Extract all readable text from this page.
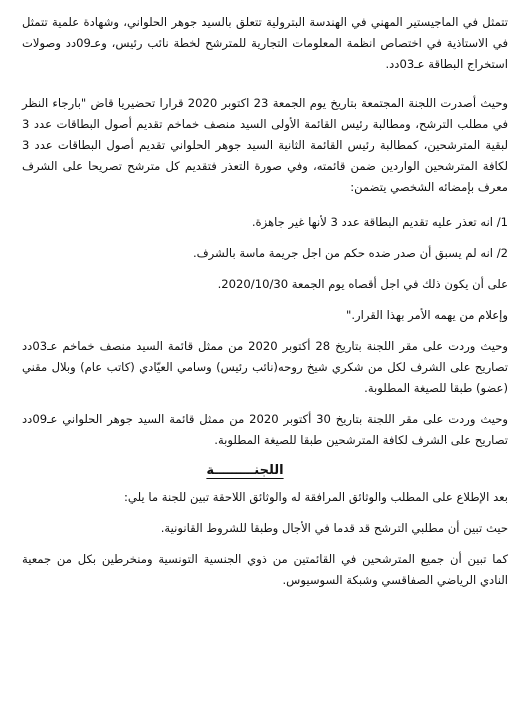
تتمثل في الماجيستير المهني في الهندسة البترولية تتعلق بالسيد جوهر الحلواني، وشهادة علمية تتمثل في الاستاذية في اختصاص انظمة المعلومات التجارية للمترشح لخطة نائب رئيس، وعـ09دد وصولات استخراج البطاقة عـ03دد.

وحيث أصدرت اللجنة المجتمعة بتاريخ يوم الجمعة 23 اكتوبر 2020 قرارا تحضيريا قاض "بارجاء النظر في مطلب الترشح، ومطالبة رئيس القائمة الأولى السيد منصف خماخم تقديم أصول البطاقات عدد 3 لبقية المترشحين، كمطالبة رئيس القائمة الثانية السيد جوهر الحلواني تقديم أصول البطاقات عدد 3 لكافة المترشحين الواردين ضمن قائمته، وفي صورة التعذر فتقديم كل مترشح تصريحا على الشرف معرف بإمضائه الشخصي يتضمن:

1/ انه تعذر عليه تقديم البطاقة عدد 3 لأنها غير جاهزة.

2/ انه لم يسبق أن صدر ضده حكم من اجل جريمة ماسة بالشرف.

على أن يكون ذلك في اجل أقصاه يوم الجمعة 2020/10/30.

وإعلام من يهمه الأمر بهذا القرار."

وحيث وردت على مقر اللجنة بتاريخ 28 أكتوبر 2020 من ممثل قائمة السيد منصف خماخم عـ03دد تصاريح على الشرف لكل من شكري شيخ روحه(نائب رئيس) وسامي العيّادي (كاتب عام) وبلال مقني (عضو) طبقا للصيغة المطلوبة.

وحيث وردت على مقر اللجنة بتاريخ 30 أكتوبر 2020 من ممثل قائمة السيد جوهر الحلواني عـ09دد تصاريح على الشرف لكافة المترشحين طبقا للصيغة المطلوبة.

اللجنـــــــــة

بعد الإطلاع على المطلب والوثائق المرافقة له والوثائق اللاحقة تبين للجنة ما يلي:

حيث تبين أن مطلبي الترشح قد قدما في الأجال وطبقا للشروط القانونية.

كما تبين أن جميع المترشحين في القائمتين من ذوي الجنسية التونسية ومنخرطين بكل من جمعية النادي الرياضي الصفاقسي وشبكة السوسيوس.
